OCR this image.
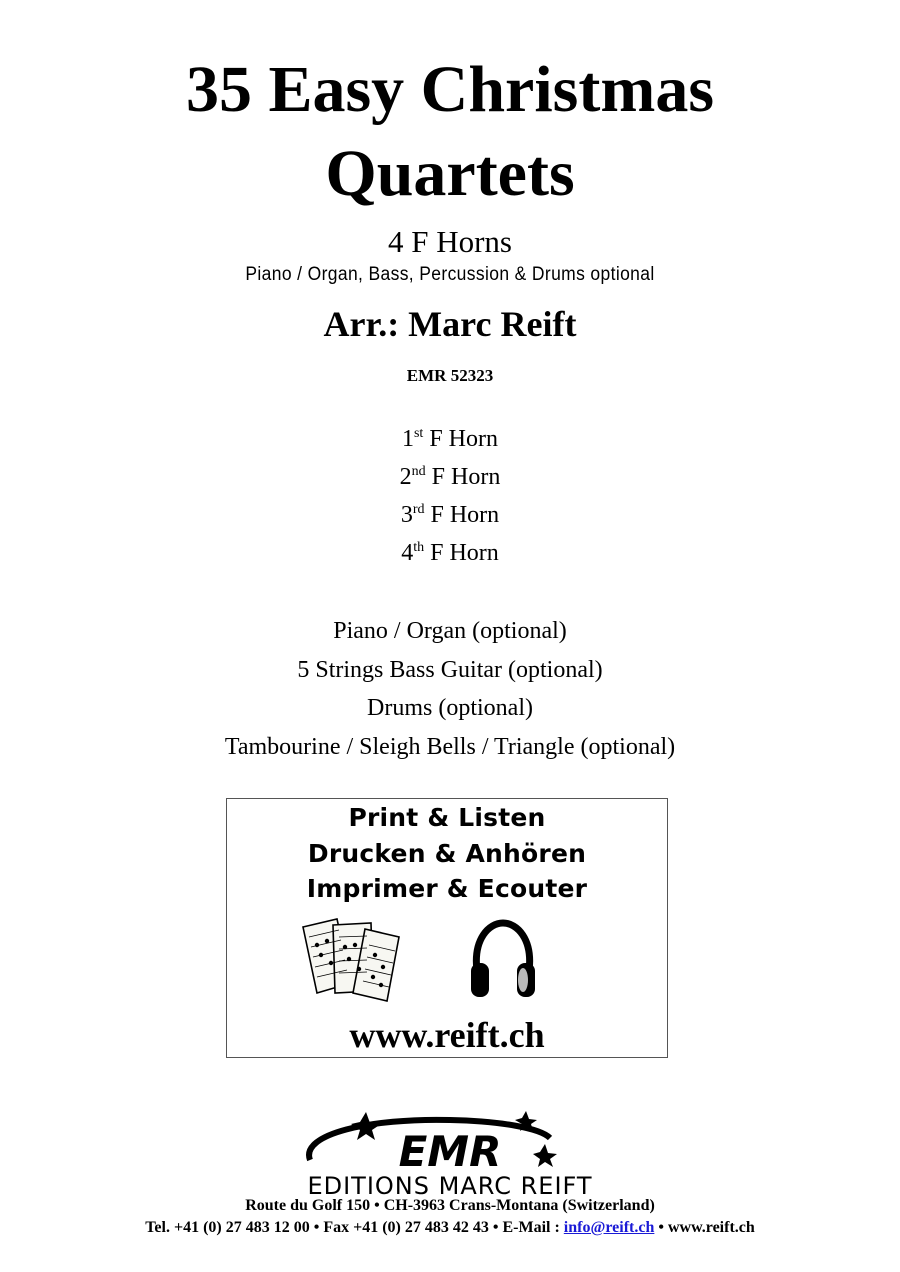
35 Easy Christmas
Quartets
4 F Horns
Piano / Organ, Bass, Percussion & Drums optional
Arr.: Marc Reift
EMR 52323
1st F Horn
2nd F Horn
3rd F Horn
4th F Horn
Piano / Organ (optional)
5 Strings Bass Guitar (optional)
Drums (optional)
Tambourine / Sleigh Bells / Triangle (optional)
Print & Listen
Drucken & Anhören
Imprimer & Ecouter
www.reift.ch
EMR
EDITIONS MARC REIFT
Route du Golf 150 • CH-3963 Crans-Montana (Switzerland)
Tel. +41 (0) 27 483 12 00 • Fax +41 (0) 27 483 42 43 • E-Mail : info@reift.ch • www.reift.ch
